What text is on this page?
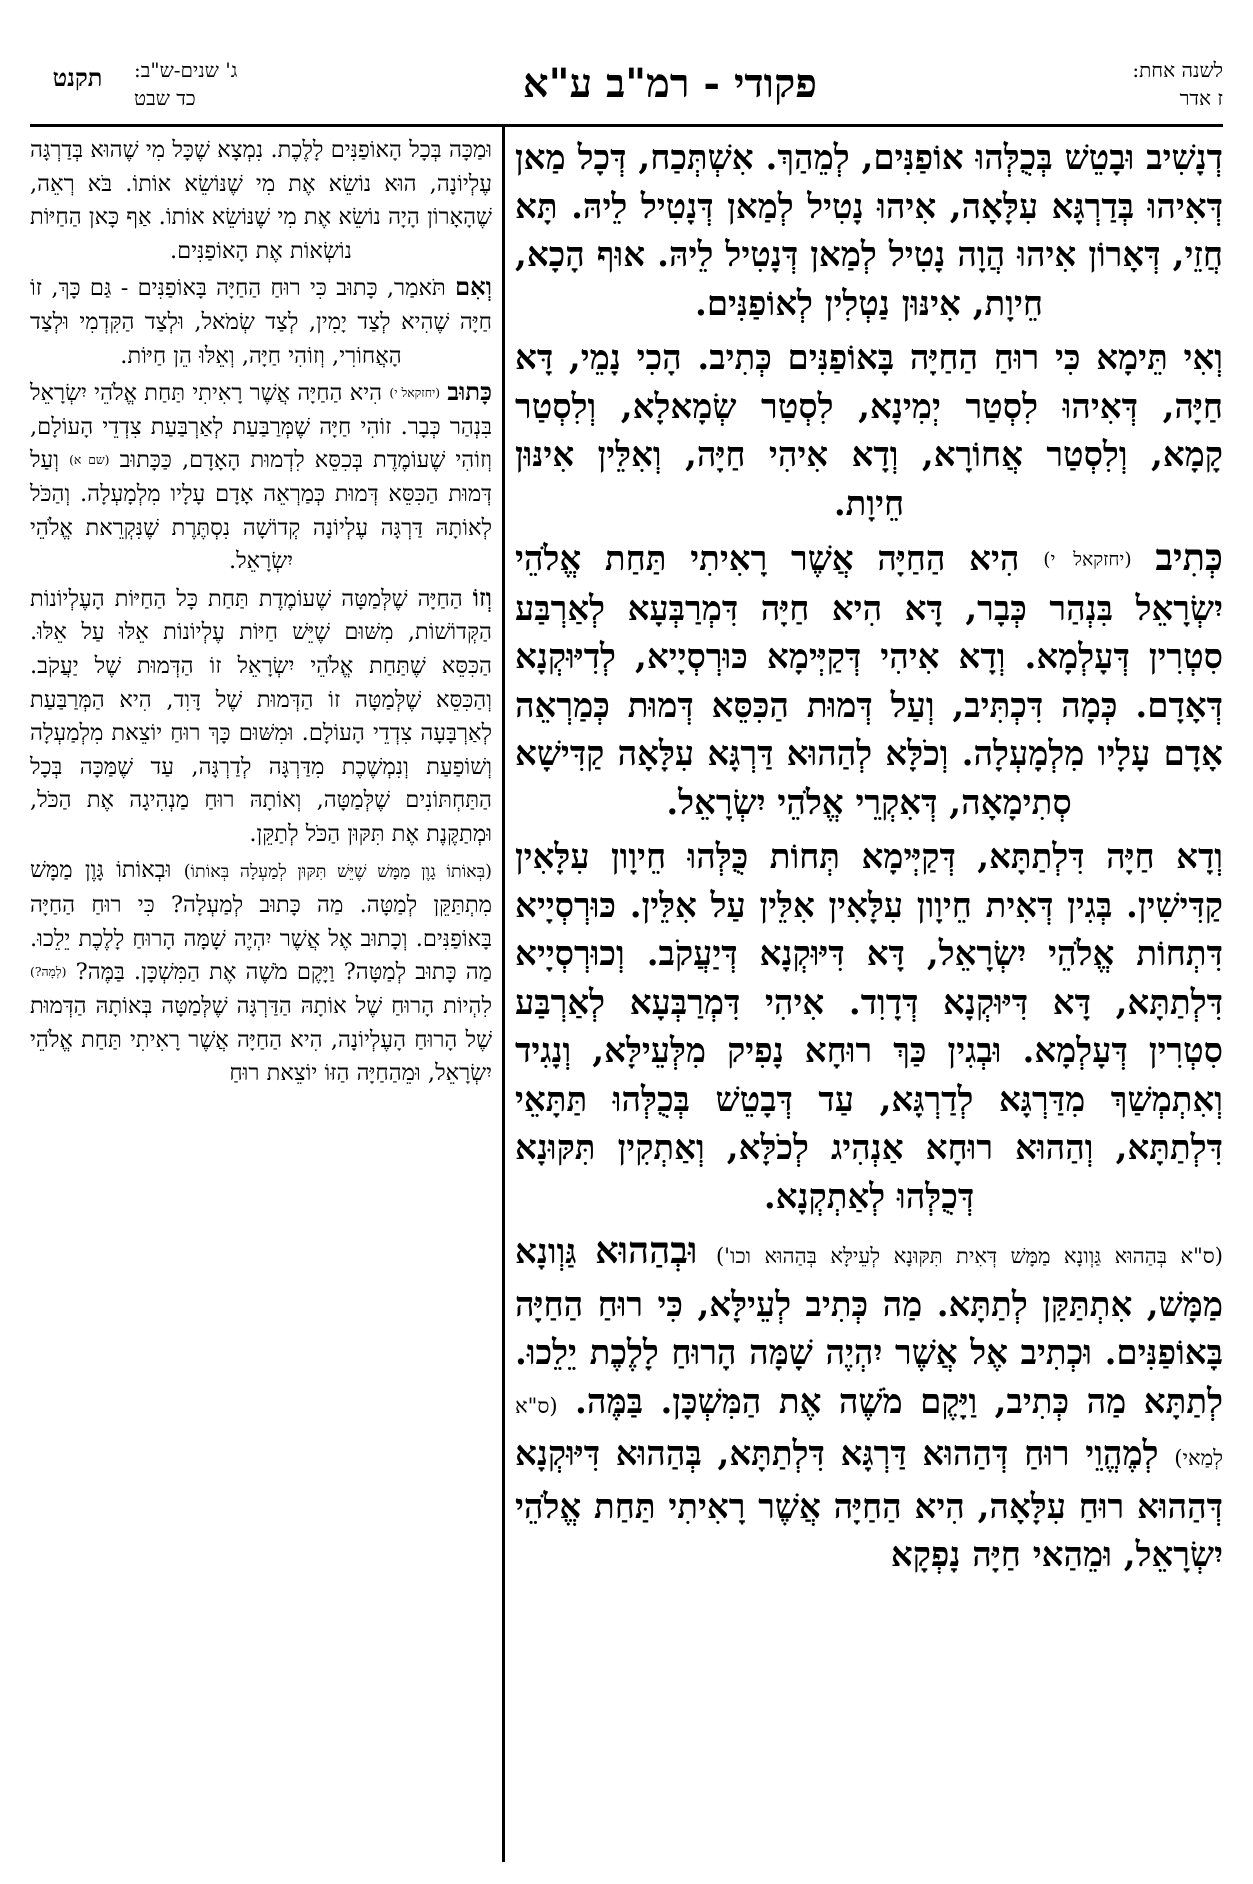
לשנה אחת:
ז אדר
פקודי - רמ"ב ע"א
ג' שנים-ש"ב:
כד שבט
תקנט

דְנָשִׁיב וּבָטֵשׁ בְּכֻלְּהוּ אוֹפַנִּים, לְמֵהַךְ. אִשְׁתְּכַח, דְּכָל מַאן דְּאִיהוּ בְּדַרְגָּא עִלָּאָה, אִיהוּ נָטִיל לְמַאן דְּנָטִיל לֵיהּ. תָּא חֲזֵי, דְּאָרוֹן אִיהוּ הֲוָה נָטִיל לְמַאן דְּנָטִיל לֵיהּ. אוּף הָכָא, חֵיוָת, אִינּוּן נַטְלִין לְאוֹפַנִּים.

וְאִי תֵּימָא כִּי רוּחַ הַחַיָּה בָּאוֹפַנִּים כְּתִיב. הָכִי נָמֵי, דָּא חַיָּה, דְּאִיהוּ לִסְטַר יְמִינָא, לִסְטַר שְׂמָאלָא, וְלִסְטַר קָמָא, וְלִסְטַר אֲחוֹרָא, וְדָא אִיהִי חַיָּה, וְאִלֵּין אִינּוּן חֵיוָת.

כְּתִיב (יחזקאל י) הִיא הַחַיָּה אֲשֶׁר רָאִיתִי תַּחַת אֱלֹהֵי יִשְׂרָאֵל בִּנְהַר כְּבָר, דָּא הִיא חַיָּה דִּמְרַבְּעָא לְאַרְבַּע סִטְרִין דְּעָלְמָא. וְדָא אִיהִי דְּקַיְּימָא כּוּרְסְיָיא, לְדִיּוּקְנָא דְּאָדָם. כְּמָה דִּכְתִּיב, וְעַל דְּמוּת הַכִּסֵּא דְּמוּת כְּמַרְאֵה אָדָם עָלָיו מִלְמָעְלָה. וְכֹלָּא לְהַהוּא דַּרְגָּא עִלָּאָה קַדִּישָׁא סְתִימָאָה, דְּאִקְרֵי אֱלֹהֵי יִשְׂרָאֵל.

וְדָא חַיָּה דִּלְתַתָּא, דְּקַיְּימָא תְּחוֹת כֻּלְּהוּ חֵיוָון עִלָּאִין קַדִּישִׁין. בְּגִין דְּאִית חֵיוָון עִלָּאִין אִלֵּין עַל אִלֵּין. כּוּרְסְיָיא דִּתְחוֹת אֱלֹהֵי יִשְׂרָאֵל, דָּא דִּיּוּקְנָא דְּיַעֲקֹב. וְכוּרְסְיָיא דִּלְתַתָּא, דָּא דִּיּוּקְנָא דְּדָוִד. אִיהִי דִּמְרַבְּעָא לְאַרְבַּע סִטְרִין דְּעָלְמָא. וּבְגִין כַּךְ רוּחָא נָפִיק מִלְּעֵילָּא, וְנָגִיד וְאִתְמְשַׁךְ מִדַּרְגָּא לְדַרְגָּא, עַד דְּבָטֵשׁ בְּכֻלְּהוּ תַּתָּאֵי דִּלְתַתָּא, וְהַהוּא רוּחָא אַנְהִיג לְכֹלָּא, וְאַתְקִין תִּקּוּנָא דְּכֻלְּהוּ לְאַתְקְנָא.

(ס"א בְּהַהוּא גַּוְונָא מַמָּשׁ דְּאִית תִּקּוּנָא לְעֵילָּא בְּהַהוּא וכו') וּבְהַהוּא גַּוְונָא מַמָּשׁ, אִתְתַּקַּן לְתַתָּא. מַה כְּתִיב לְעֵילָּא, כִּי רוּחַ הַחַיָּה בָּאוֹפַנִּים. וּכְתִיב אֶל אֲשֶׁר יִהְיֶה שָׁמָּה הָרוּחַ לָלֶכֶת יֵלֵכוּ. לְתַתָּא מַה כְּתִיב, וַיָּקֶם מֹשֶׁה אֶת הַמִּשְׁכָּן. בַּמֶּה. (ס"א לְמַאי) לְמֶהֱוֵי רוּחַ דְּהַהוּא דַּרְגָּא דִּלְתַתָּא, בְּהַהוּא דִּיּוּקְנָא דְּהַהוּא רוּחַ עִלָּאָה, הִיא הַחַיָּה אֲשֶׁר רָאִיתִי תַּחַת אֱלֹהֵי יִשְׂרָאֵל, וּמֵהַאי חַיָּה נָפְקָא

וּמַכָּה בְּכָל הָאוֹפַנִּים לָלֶכֶת. נִמְצָא שֶׁכָּל מִי שֶׁהוּא בְּדַרְגָּה עֶלְיוֹנָה, הוּא נוֹשֵׂא אֶת מִי שֶׁנּוֹשֵׂא אוֹתוֹ. בֹּא רְאֵה, שֶׁהָאָרוֹן הָיָה נוֹשֵׂא אֶת מִי שֶׁנּוֹשֵׂא אוֹתוֹ. אַף כָּאן הַחַיּוֹת נוֹשְׂאוֹת אֶת הָאוֹפַנִּים.

וְאִם תֹּאמַר, כָּתוּב כִּי רוּחַ הַחַיָּה בָּאוֹפַנִּים - גַּם כָּךְ, זוֹ חַיָּה שֶׁהִיא לְצַד יָמִין, לְצַד שְׂמֹאל, וּלְצַד הַקִּדְמִי וּלְצַד הָאֲחוֹרִי, וְזוֹהִי חַיָּה, וְאֵלּוּ הֵן חַיּוֹת.

כָּתוּב (יחזקאל י) הִיא הַחַיָּה אֲשֶׁר רָאִיתִי תַּחַת אֱלֹהֵי יִשְׂרָאֵל בִּנְהַר כְּבָר. זוֹהִי חַיָּה שֶׁמְּרַבַּעַת לְאַרְבַּעַת צִדְדֵי הָעוֹלָם, וְזוֹהִי שֶׁעוֹמֶדֶת בְּכִסֵּא לִדְמוּת הָאָדָם, כַּכָּתוּב (שם א) וְעַל דְּמוּת הַכִּסֵּא דְּמוּת כְּמַרְאֵה אָדָם עָלָיו מִלְמָעְלָה. וְהַכֹּל לְאוֹתָהּ דַּרְגָּה עֶלְיוֹנָה קְדוֹשָׁה נִסְתֶּרֶת שֶׁנִּקְרֵאת אֱלֹהֵי יִשְׂרָאֵל.

וְזוֹ הַחַיָּה שֶׁלְּמַטָּה שֶׁעוֹמֶדֶת תַּחַת כָּל הַחַיּוֹת הָעֶלְיוֹנוֹת הַקְּדוֹשׁוֹת, מִשּׁוּם שֶׁיֵּשׁ חַיּוֹת עֶלְיוֹנוֹת אֵלּוּ עַל אֵלּוּ. הַכִּסֵּא שֶׁתַּחַת אֱלֹהֵי יִשְׂרָאֵל זוֹ הַדְּמוּת שֶׁל יַעֲקֹב. וְהַכִּסֵּא שֶׁלְּמַטָּה זוֹ הַדְּמוּת שֶׁל דָּוִד, הִיא הַמְּרַבַּעַת לְאַרְבָּעָה צִדְדֵי הָעוֹלָם. וּמִשּׁוּם כָּךְ רוּחַ יוֹצֵאת מִלְמַעְלָה וְשׁוֹפַעַת וְנִמְשֶׁכֶת מִדַּרְגָּה לְדַרְגָּה, עַד שֶׁמַּכָּה בְּכָל הַתַּחְתּוֹנִים שֶׁלְּמַטָּה, וְאוֹתָהּ רוּחַ מַנְהִיגָה אֶת הַכֹּל, וּמְתַקֶּנֶת אֶת תִּקּוּן הַכֹּל לְתַקֵּן.

(בְּאוֹתוֹ גָוֶן מַמָּשׁ שֶׁיֵּשׁ תִּקּוּן לְמַעְלָה בְּאוֹתוֹ) וּבְאוֹתוֹ גָּוֶן מַמָּשׁ מִתְתַּקֵּן לְמַטָּה. מַה כָּתוּב לְמַעְלָה? כִּי רוּחַ הַחַיָּה בָּאוֹפַנִּים. וְכָתוּב אֶל אֲשֶׁר יִהְיֶה שָׁמָּה הָרוּחַ לָלֶכֶת יֵלֵכוּ. מַה כָּתוּב לְמַטָּה? וַיָּקֶם מֹשֶׁה אֶת הַמִּשְׁכָּן. בַּמֶּה? (לְמָה?) לִהְיוֹת הָרוּחַ שֶׁל אוֹתָהּ הַדַּרְגָּה שֶׁלְּמַטָּה בְּאוֹתָהּ הַדְּמוּת שֶׁל הָרוּחַ הָעֶלְיוֹנָה, הִיא הַחַיָּה אֲשֶׁר רָאִיתִי תַּחַת אֱלֹהֵי יִשְׂרָאֵל, וּמֵהַחַיָּה הַזּוֹ יוֹצֵאת רוּחַ
